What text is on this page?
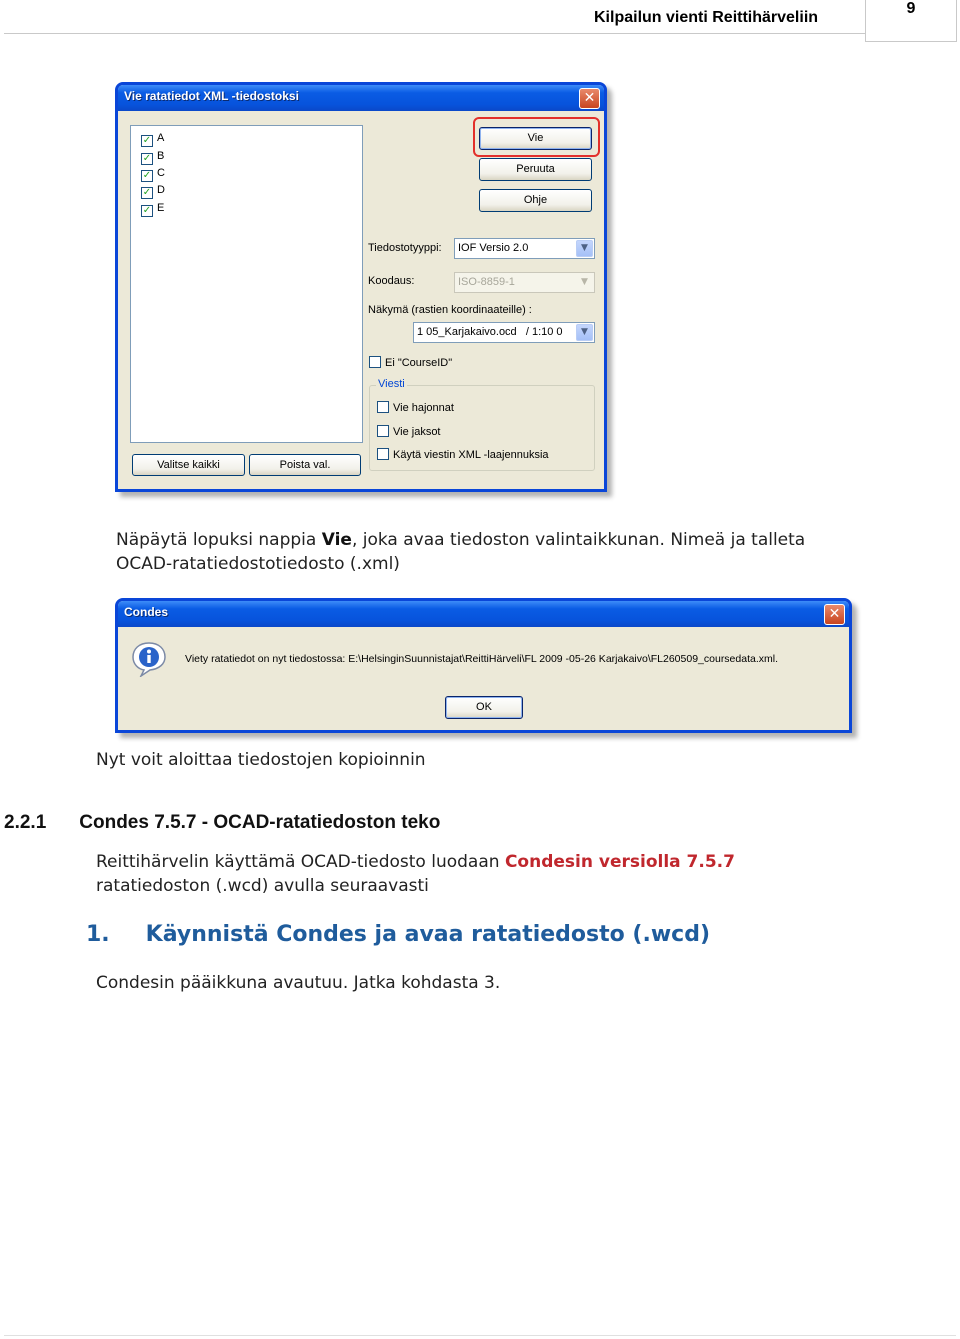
Kilpailun vienti Reittihärveliin
9
Vie ratatiedot XML -tiedostoksi	✕
✓ A
✓ B
✓ C
✓ D
✓ E
Valitse kaikki	Poista val.
Vie
Peruuta
Ohje
Tiedostotyyppi: IOF Versio 2.0	▼
Koodaus:	ISO-8859-1	▼
Näkymä (rastien koordinaateille) :
1 05_Karjakaivo.ocd   / 1:10 0	▼
Ei "CourseID"
Viesti
Vie hajonnat
Vie jaksot
Käytä viestin XML -laajennuksia
Näpäytä lopuksi nappia Vie, joka avaa tiedoston valintaikkunan. Nimeä ja talleta
OCAD-ratatiedostotiedosto (.xml)
Condes	✕
Viety ratatiedot on nyt tiedostossa: E:\HelsinginSuunnistajat\ReittiHärveli\FL 2009 -05-26 Karjakaivo\FL260509_coursedata.xml.
OK
Nyt voit aloittaa tiedostojen kopioinnin
2.2.1 Condes 7.5.7 - OCAD-ratatiedoston teko
Reittihärvelin käyttämä OCAD-tiedosto luodaan Condesin versiolla 7.5.7
ratatiedoston (.wcd) avulla seuraavasti
1. Käynnistä Condes ja avaa ratatiedosto (.wcd)
Condesin pääikkuna avautuu. Jatka kohdasta 3.
